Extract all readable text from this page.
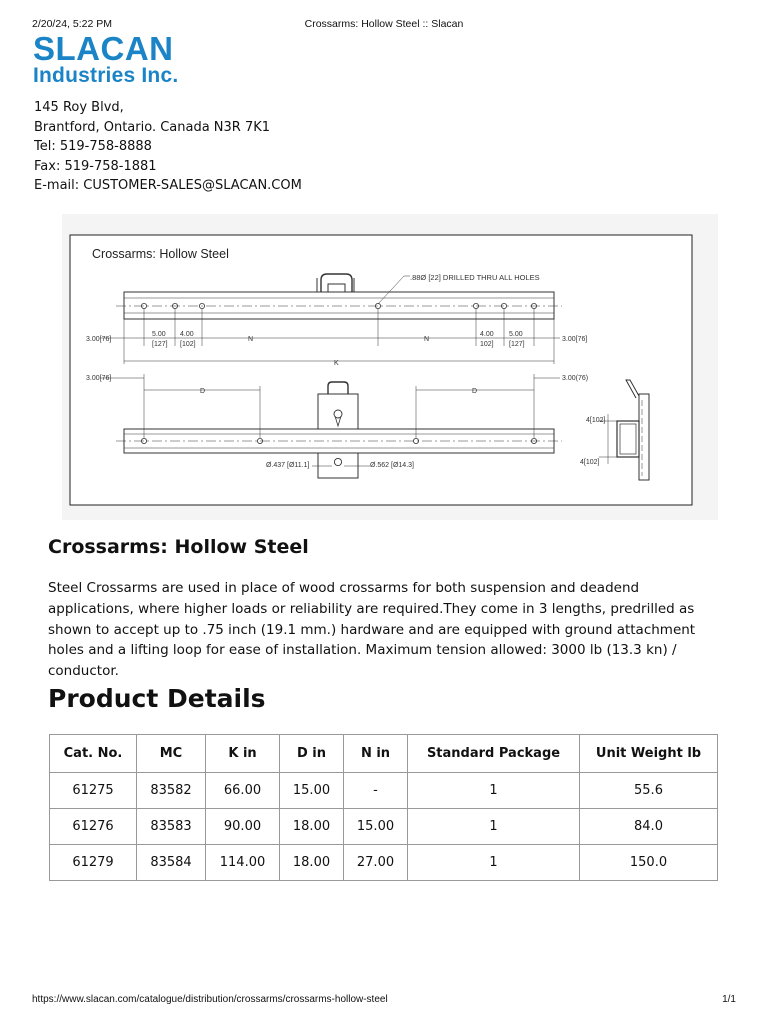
2/20/24, 5:22 PM	Crossarms: Hollow Steel :: Slacan
SLACAN
Industries Inc.
145 Roy Blvd,
Brantford, Ontario. Canada N3R 7K1
Tel: 519-758-8888
Fax: 519-758-1881
E-mail: CUSTOMER-SALES@SLACAN.COM
Crossarms: Hollow Steel
.88Ø [22] DRILLED THRU ALL HOLES
3.00[76]
5.00
[127]
4.00
[102]
N	N
4.00
102]
5.00
[127]
3.00[76]
K
3.00[76]	3.00(76)
D	D
Ø.437 [Ø11.1]	Ø.562 [Ø14.3]
4[102]
4[102]
Crossarms: Hollow Steel

Steel Crossarms are used in place of wood crossarms for both suspension and deadend applications, where higher loads or reliability are required.They come in 3 lengths, predrilled as shown to accept up to .75 inch (19.1 mm.) hardware and are equipped with ground attachment holes and a lifting loop for ease of installation. Maximum tension allowed: 3000 lb (13.3 kn) / conductor.

Product Details
Cat. No.	MC	K in	D in	N in	Standard Package	Unit Weight lb
61275	83582	66.00	15.00	-	1	55.6
61276	83583	90.00	18.00	15.00	1	84.0
61279	83584	114.00	18.00	27.00	1	150.0
https://www.slacan.com/catalogue/distribution/crossarms/crossarms-hollow-steel	1/1
